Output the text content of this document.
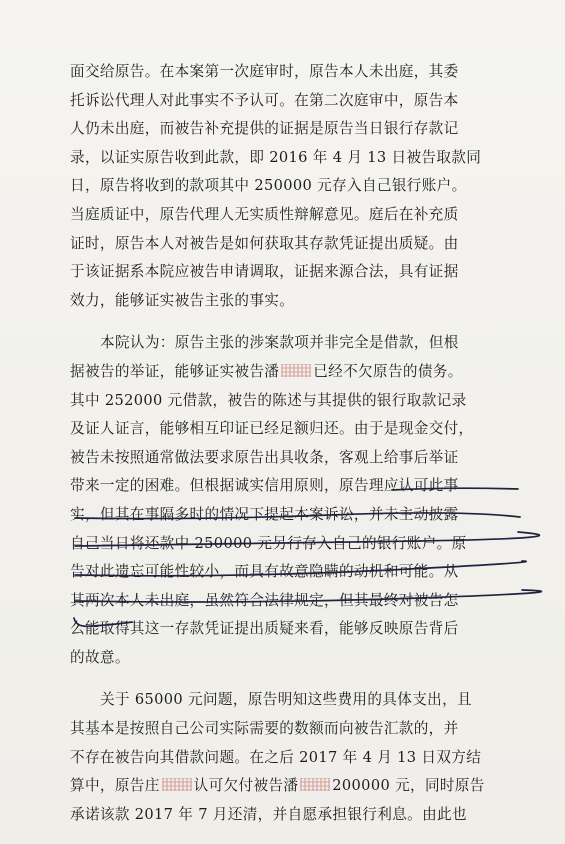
面交给原告。在本案第一次庭审时，原告本人未出庭，其委
托诉讼代理人对此事实不予认可。在第二次庭审中，原告本
人仍未出庭，而被告补充提供的证据是原告当日银行存款记
录，以证实原告收到此款，即 2016 年 4 月 13 日被告取款同
日，原告将收到的款项其中 250000 元存入自己银行账户。
当庭质证中，原告代理人无实质性辩解意见。庭后在补充质
证时，原告本人对被告是如何获取其存款凭证提出质疑。由
于该证据系本院应被告申请调取，证据来源合法，具有证据
效力，能够证实被告主张的事实。
本院认为：原告主张的涉案款项并非完全是借款，但根
据被告的举证，能够证实被告潘 已经不欠原告的债务。
其中 252000 元借款，被告的陈述与其提供的银行取款记录
及证人证言，能够相互印证已经足额归还。由于是现金交付，
被告未按照通常做法要求原告出具收条，客观上给事后举证
带来一定的困难。但根据诚实信用原则，原告理应认可此事
实，但其在事隔多时的情况下提起本案诉讼，并未主动披露
自己当日将还款中 250000 元另行存入自己的银行账户。原
告对此遗忘可能性较小，而具有故意隐瞒的动机和可能。从
其两次本人未出庭，虽然符合法律规定，但其最终对被告怎
么能取得其这一存款凭证提出质疑来看，能够反映原告背后
的故意。
关于 65000 元问题，原告明知这些费用的具体支出，且
其基本是按照自己公司实际需要的数额而向被告汇款的，并
不存在被告向其借款问题。在之后 2017 年 4 月 13 日双方结
算中，原告庄 认可欠付被告潘 200000 元，同时原告
承诺该款 2017 年 7 月还清，并自愿承担银行利息。由此也
